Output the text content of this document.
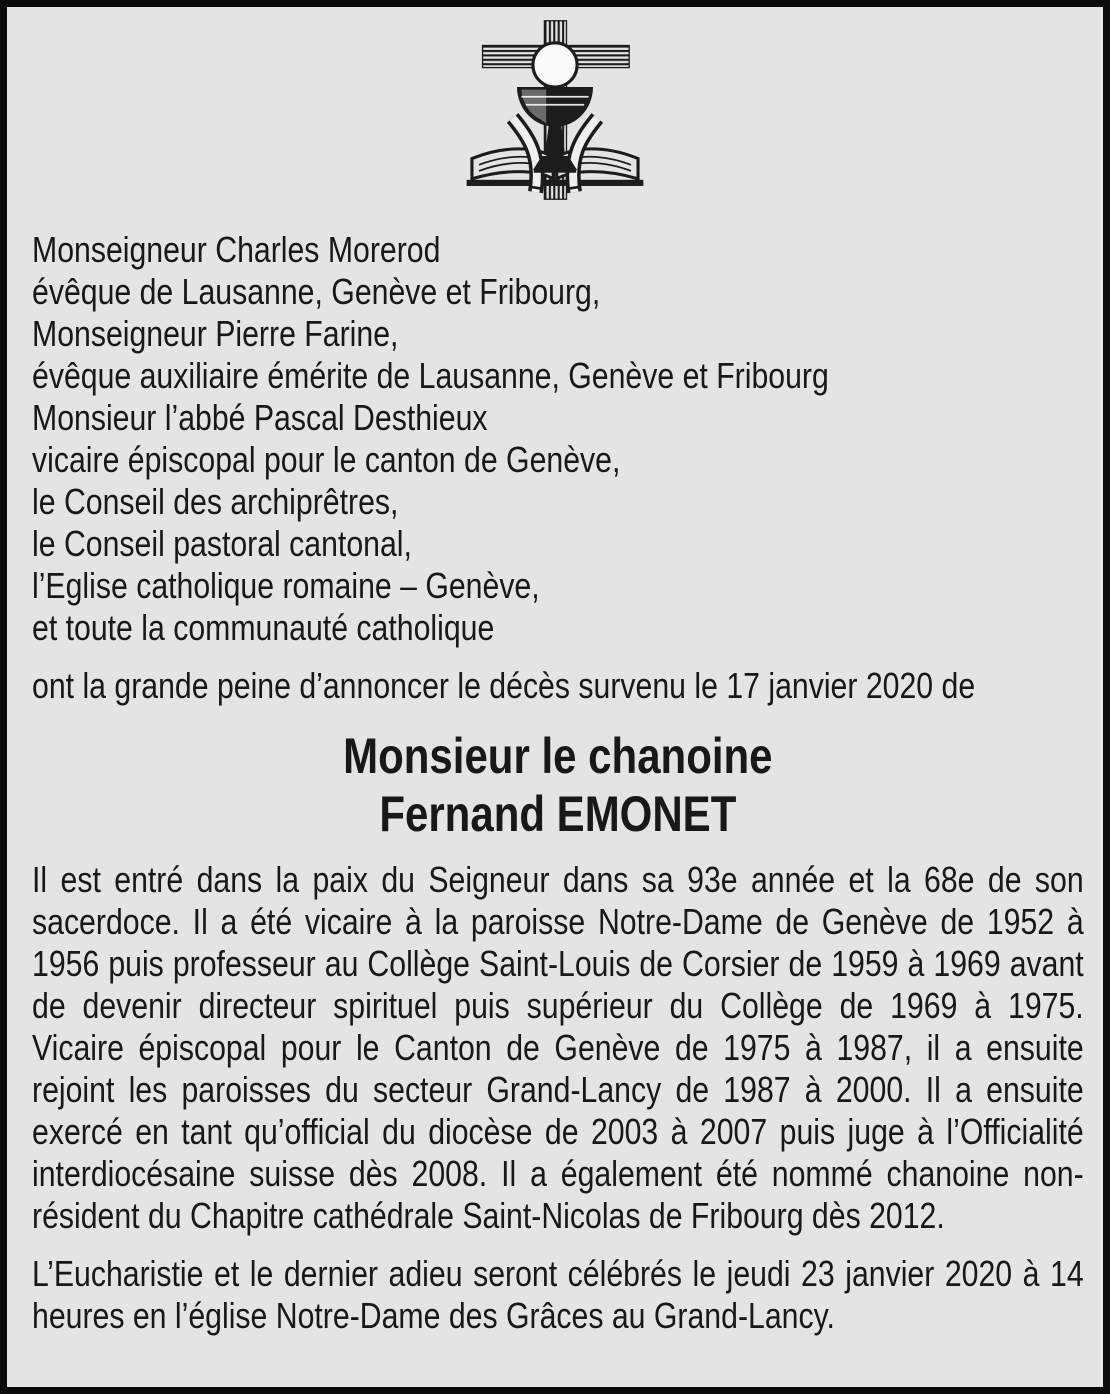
Monseigneur Charles Morerod
évêque de Lausanne, Genève et Fribourg,
Monseigneur Pierre Farine,
évêque auxiliaire émérite de Lausanne, Genève et Fribourg
Monsieur l’abbé Pascal Desthieux
vicaire épiscopal pour le canton de Genève,
le Conseil des archiprêtres,
le Conseil pastoral cantonal,
l’Eglise catholique romaine – Genève,
et toute la communauté catholique

ont la grande peine d’annoncer le décès survenu le 17 janvier 2020 de

Monsieur le chanoine
Fernand EMONET

Il est entré dans la paix du Seigneur dans sa 93e année et la 68e de son sacerdoce. Il a été vicaire à la paroisse Notre-Dame de Genève de 1952 à 1956 puis professeur au Collège Saint-Louis de Corsier de 1959 à 1969 avant de devenir directeur spirituel puis supérieur du Collège de 1969 à 1975. Vicaire épiscopal pour le Canton de Genève de 1975 à 1987, il a ensuite rejoint les paroisses du secteur Grand-Lancy de 1987 à 2000. Il a ensuite exercé en tant qu’official du diocèse de 2003 à 2007 puis juge à l’Officialité interdiocésaine suisse dès 2008. Il a également été nommé chanoine non-résident du Chapitre cathédrale Saint-Nicolas de Fribourg dès 2012.

L’Eucharistie et le dernier adieu seront célébrés le jeudi 23 janvier 2020 à 14 heures en l’église Notre-Dame des Grâces au Grand-Lancy.
